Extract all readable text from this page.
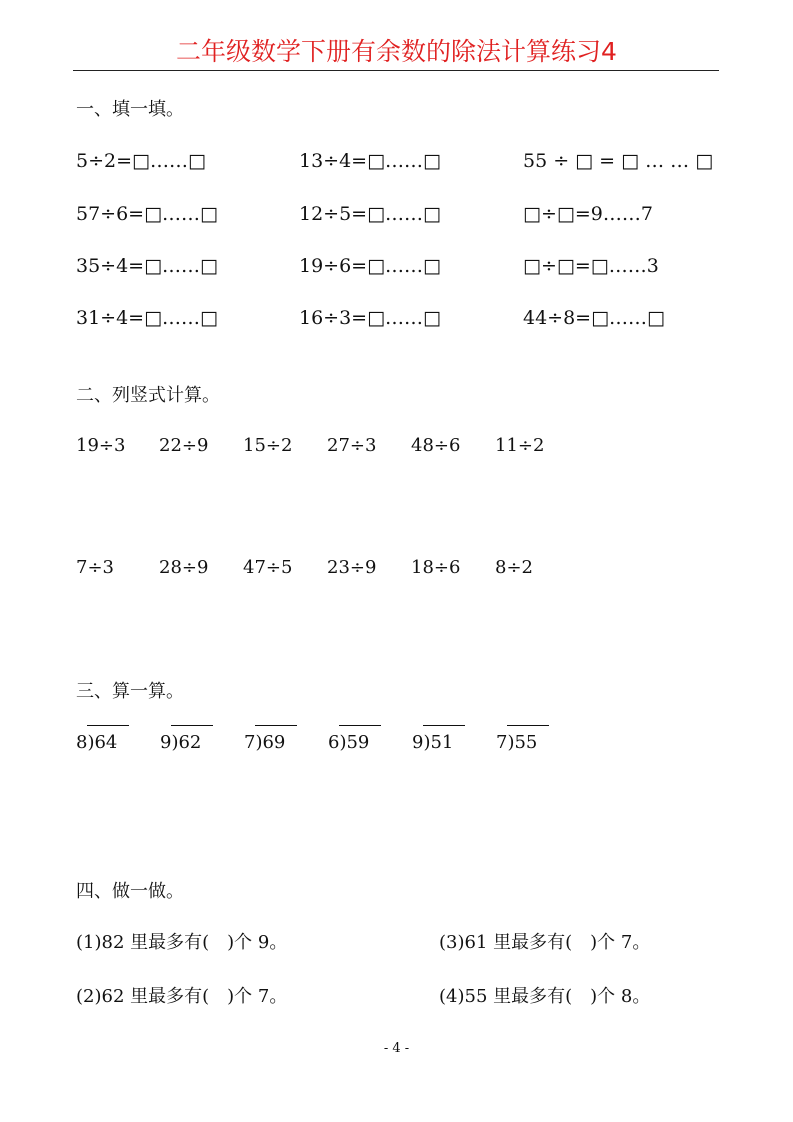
二年级数学下册有余数的除法计算练习4
一、填一填。
5÷2=□……□	13÷4=□……□	55 ÷ □ = □ … … □
57÷6=□……□	12÷5=□……□	□÷□=9……7
35÷4=□……□	19÷6=□……□	□÷□=□……3
31÷4=□……□	16÷3=□……□	44÷8=□……□
二、列竖式计算。
19÷3 22÷9 15÷2 27÷3 48÷6 11÷2
7÷3	28÷9 47÷5 23÷9 18÷6 8÷2
三、算一算。
8)64 9)62 7)69 6)59 9)51 7)55
四、做一做。
(1)82 里最多有(　)个 9。	(3)61 里最多有(　)个 7。
(2)62 里最多有(　)个 7。	(4)55 里最多有(　)个 8。
- 4 -
